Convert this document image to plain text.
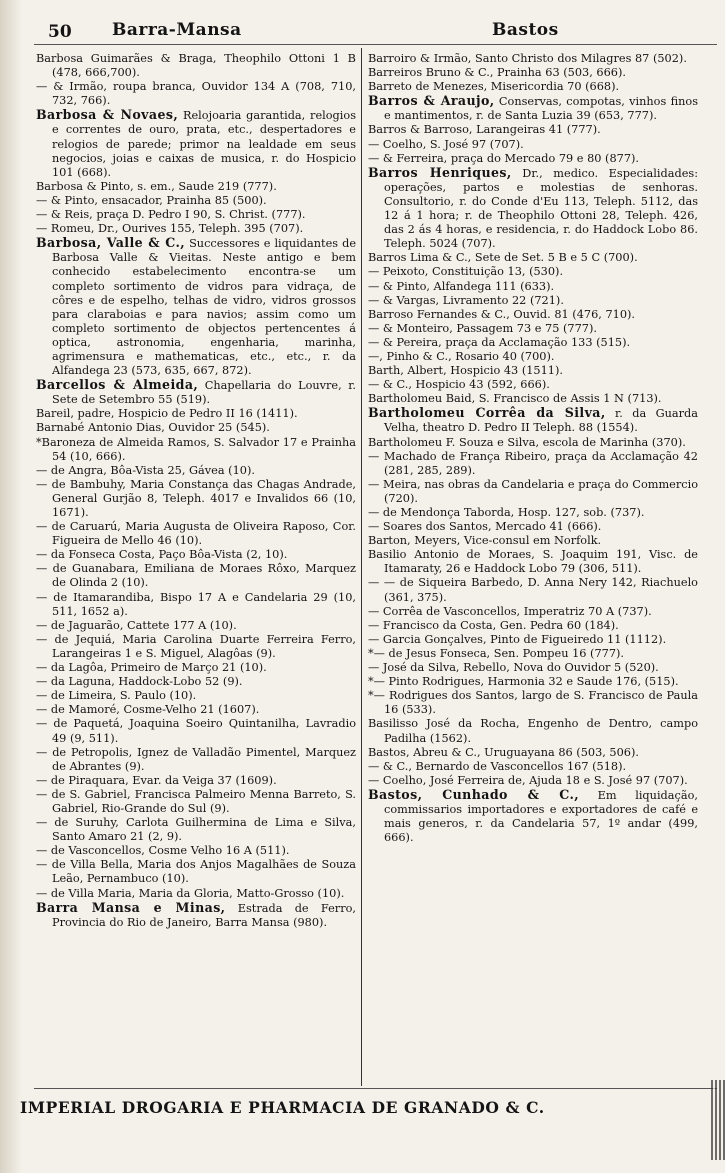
50 Barra-Mansa	Bastos

Barbosa Guimarães & Braga, Theophilo Ottoni 1 B (478, 666,700).

— & Irmão, roupa branca, Ouvidor 134 A (708, 710, 732, 766).

Barbosa & Novaes, Relojoaria garantida, relogios e correntes de ouro, prata, etc., despertadores e relogios de parede; primor na lealdade em seus negocios, joias e caixas de musica, r. do Hospicio 101 (668).

Barbosa & Pinto, s. em., Saude 219 (777).

— & Pinto, ensacador, Prainha 85 (500).

— & Reis, praça D. Pedro I 90, S. Christ. (777).

— Romeu, Dr., Ourives 155, Teleph. 395 (707).

Barbosa, Valle & C., Successores e liquidantes de Barbosa Valle & Vieitas. Neste antigo e bem conhecido estabelecimento encontra-se um completo sortimento de vidros para vidraça, de côres e de espelho, telhas de vidro, vidros grossos para claraboias e para navios; assim como um completo sortimento de objectos pertencentes á optica, astronomia, engenharia, marinha, agrimensura e mathematicas, etc., etc., r. da Alfandega 23 (573, 635, 667, 872).

Barcellos & Almeida, Chapellaria do Louvre, r. Sete de Setembro 55 (519).

Bareil, padre, Hospicio de Pedro II 16 (1411).

Barnabé Antonio Dias, Ouvidor 25 (545).

*Baroneza de Almeida Ramos, S. Salvador 17 e Prainha 54 (10, 666).

— de Angra, Bôa-Vista 25, Gávea (10).

— de Bambuhy, Maria Constança das Chagas Andrade, General Gurjão 8, Teleph. 4017 e Invalidos 66 (10, 1671).

— de Caruarú, Maria Augusta de Oliveira Raposo, Cor. Figueira de Mello 46 (10).

— da Fonseca Costa, Paço Bôa-Vista (2, 10).

— de Guanabara, Emiliana de Moraes Rôxo, Marquez de Olinda 2 (10).

— de Itamarandiba, Bispo 17 A e Candelaria 29 (10, 511, 1652 a).

— de Jaguarão, Cattete 177 A (10).

— de Jequiá, Maria Carolina Duarte Ferreira Ferro, Larangeiras 1 e S. Miguel, Alagôas (9).

— da Lagôa, Primeiro de Março 21 (10).

— da Laguna, Haddock-Lobo 52 (9).

— de Limeira, S. Paulo (10).

— de Mamoré, Cosme-Velho 21 (1607).

— de Paquetá, Joaquina Soeiro Quintanilha, Lavradio 49 (9, 511).

— de Petropolis, Ignez de Valladão Pimentel, Marquez de Abrantes (9).

— de Piraquara, Evar. da Veiga 37 (1609).

— de S. Gabriel, Francisca Palmeiro Menna Barreto, S. Gabriel, Rio-Grande do Sul (9).

— de Suruhy, Carlota Guilhermina de Lima e Silva, Santo Amaro 21 (2, 9).

— de Vasconcellos, Cosme Velho 16 A (511).

— de Villa Bella, Maria dos Anjos Magalhães de Souza Leão, Pernambuco (10).

— de Villa Maria, Maria da Gloria, Matto-Grosso (10).

Barra Mansa e Minas, Estrada de Ferro, Provincia do Rio de Janeiro, Barra Mansa (980).

Barroiro & Irmão, Santo Christo dos Milagres 87 (502).

Barreiros Bruno & C., Prainha 63 (503, 666).

Barreto de Menezes, Misericordia 70 (668).

Barros & Araujo, Conservas, compotas, vinhos finos e mantimentos, r. de Santa Luzia 39 (653, 777).

Barros & Barroso, Larangeiras 41 (777).

— Coelho, S. José 97 (707).

— & Ferreira, praça do Mercado 79 e 80 (877).

Barros Henriques, Dr., medico. Especialidades: operações, partos e molestias de senhoras. Consultorio, r. do Conde d'Eu 113, Teleph. 5112, das 12 á 1 hora; r. de Theophilo Ottoni 28, Teleph. 426, das 2 ás 4 horas, e residencia, r. do Haddock Lobo 86. Teleph. 5024 (707).

Barros Lima & C., Sete de Set. 5 B e 5 C (700).

— Peixoto, Constituição 13, (530).

— & Pinto, Alfandega 111 (633).

— & Vargas, Livramento 22 (721).

Barroso Fernandes & C., Ouvid. 81 (476, 710).

— & Monteiro, Passagem 73 e 75 (777).

— & Pereira, praça da Acclamação 133 (515).

—, Pinho & C., Rosario 40 (700).

Barth, Albert, Hospicio 43 (1511).

— & C., Hospicio 43 (592, 666).

Bartholomeu Baid, S. Francisco de Assis 1 N (713).

Bartholomeu Corrêa da Silva, r. da Guarda Velha, theatro D. Pedro II Teleph. 88 (1554).

Bartholomeu F. Souza e Silva, escola de Marinha (370).

— Machado de França Ribeiro, praça da Acclamação 42 (281, 285, 289).

— Meira, nas obras da Candelaria e praça do Commercio (720).

— de Mendonça Taborda, Hosp. 127, sob. (737).

— Soares dos Santos, Mercado 41 (666).

Barton, Meyers, Vice-consul em Norfolk.

Basilio Antonio de Moraes, S. Joaquim 191, Visc. de Itamaraty, 26 e Haddock Lobo 79 (306, 511).

— — de Siqueira Barbedo, D. Anna Nery 142, Riachuelo (361, 375).

— Corrêa de Vasconcellos, Imperatriz 70 A (737).

— Francisco da Costa, Gen. Pedra 60 (184).

— Garcia Gonçalves, Pinto de Figueiredo 11 (1112).

*— de Jesus Fonseca, Sen. Pompeu 16 (777).

— José da Silva, Rebello, Nova do Ouvidor 5 (520).

*— Pinto Rodrigues, Harmonia 32 e Saude 176, (515).

*— Rodrigues dos Santos, largo de S. Francisco de Paula 16 (533).

Basilisso José da Rocha, Engenho de Dentro, campo Padilha (1562).

Bastos, Abreu & C., Uruguayana 86 (503, 506).

— & C., Bernardo de Vasconcellos 167 (518).

— Coelho, José Ferreira de, Ajuda 18 e S. José 97 (707).

Bastos, Cunhado & C., Em liquidação, commissarios importadores e exportadores de café e mais generos, r. da Candelaria 57, 1º andar (499, 666).

IMPERIAL DROGARIA E PHARMACIA DE GRANADO & C.
